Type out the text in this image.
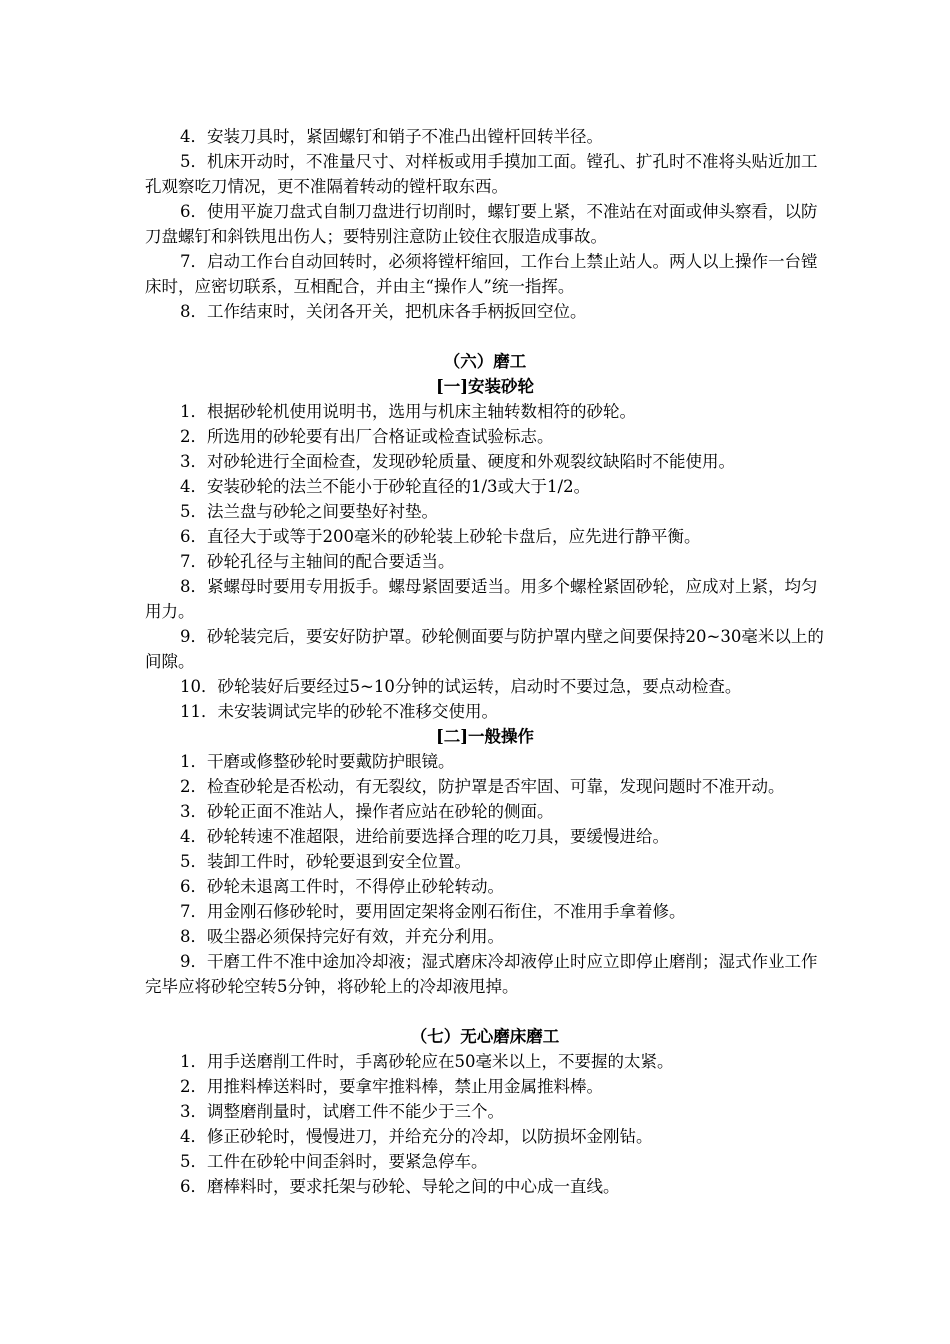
4．安装刀具时，紧固螺钉和销子不准凸出镗杆回转半径。

5．机床开动时，不准量尺寸、对样板或用手摸加工面。镗孔、扩孔时不准将头贴近加工孔观察吃刀情况，更不准隔着转动的镗杆取东西。

6．使用平旋刀盘式自制刀盘进行切削时，螺钉要上紧，不准站在对面或伸头察看，以防刀盘螺钉和斜铁甩出伤人；要特别注意防止铰住衣服造成事故。

7．启动工作台自动回转时，必须将镗杆缩回，工作台上禁止站人。两人以上操作一台镗床时，应密切联系，互相配合，并由主“操作人”统一指挥。

8．工作结束时，关闭各开关，把机床各手柄扳回空位。

（六）磨工

[一]安装砂轮

1．根据砂轮机使用说明书，选用与机床主轴转数相符的砂轮。

2．所选用的砂轮要有出厂合格证或检查试验标志。

3．对砂轮进行全面检查，发现砂轮质量、硬度和外观裂纹缺陷时不能使用。

4．安装砂轮的法兰不能小于砂轮直径的1/3或大于1/2。

5．法兰盘与砂轮之间要垫好衬垫。

6．直径大于或等于200毫米的砂轮装上砂轮卡盘后，应先进行静平衡。

7．砂轮孔径与主轴间的配合要适当。

8．紧螺母时要用专用扳手。螺母紧固要适当。用多个螺栓紧固砂轮，应成对上紧，均匀用力。

9．砂轮装完后，要安好防护罩。砂轮侧面要与防护罩内壁之间要保持20~30毫米以上的间隙。

10．砂轮装好后要经过5~10分钟的试运转，启动时不要过急，要点动检查。

11．未安装调试完毕的砂轮不准移交使用。

[二]一般操作

1．干磨或修整砂轮时要戴防护眼镜。

2．检查砂轮是否松动，有无裂纹，防护罩是否牢固、可靠，发现问题时不准开动。

3．砂轮正面不准站人，操作者应站在砂轮的侧面。

4．砂轮转速不准超限，进给前要选择合理的吃刀具，要缓慢进给。

5．装卸工件时，砂轮要退到安全位置。

6．砂轮未退离工件时，不得停止砂轮转动。

7．用金刚石修砂轮时，要用固定架将金刚石衔住，不准用手拿着修。

8．吸尘器必须保持完好有效，并充分利用。

9．干磨工件不准中途加冷却液；湿式磨床冷却液停止时应立即停止磨削；湿式作业工作完毕应将砂轮空转5分钟，将砂轮上的冷却液甩掉。

（七）无心磨床磨工

1．用手送磨削工件时，手离砂轮应在50毫米以上，不要握的太紧。

2．用推料棒送料时，要拿牢推料棒，禁止用金属推料棒。

3．调整磨削量时，试磨工件不能少于三个。

4．修正砂轮时，慢慢进刀，并给充分的冷却，以防损坏金刚钻。

5．工件在砂轮中间歪斜时，要紧急停车。

6．磨棒料时，要求托架与砂轮、导轮之间的中心成一直线。
